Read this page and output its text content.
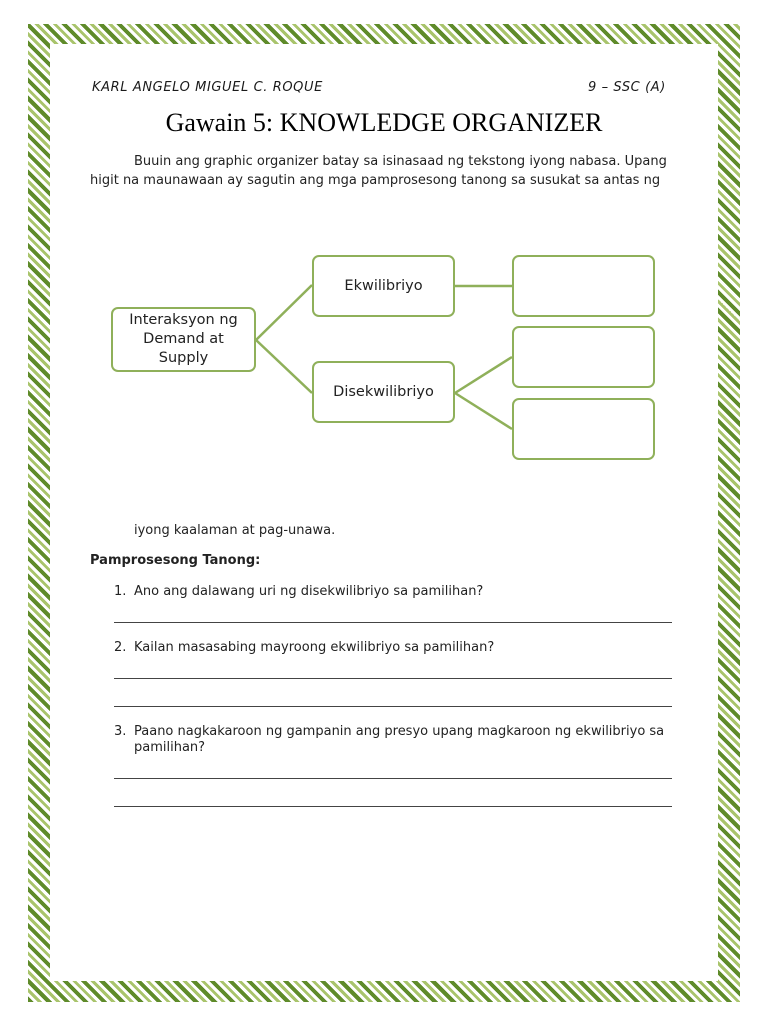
KARL ANGELO MIGUEL C. ROQUE	9 – SSC (A)
Gawain 5: KNOWLEDGE ORGANIZER
Buuin ang graphic organizer batay sa isinasaad ng tekstong iyong nabasa. Upang
higit na maunawaan ay sagutin ang mga pamprosesong tanong sa susukat sa antas ng
Interaksyon ng
Demand at
Supply
Ekwilibriyo
Disekwilibriyo
iyong kaalaman at pag-unawa.
Pamprosesong Tanong:
1. Ano ang dalawang uri ng disekwilibriyo sa pamilihan?
2. Kailan masasabing mayroong ekwilibriyo sa pamilihan?
3. Paano nagkakaroon ng gampanin ang presyo upang magkaroon ng ekwilibriyo sa pamilihan?
